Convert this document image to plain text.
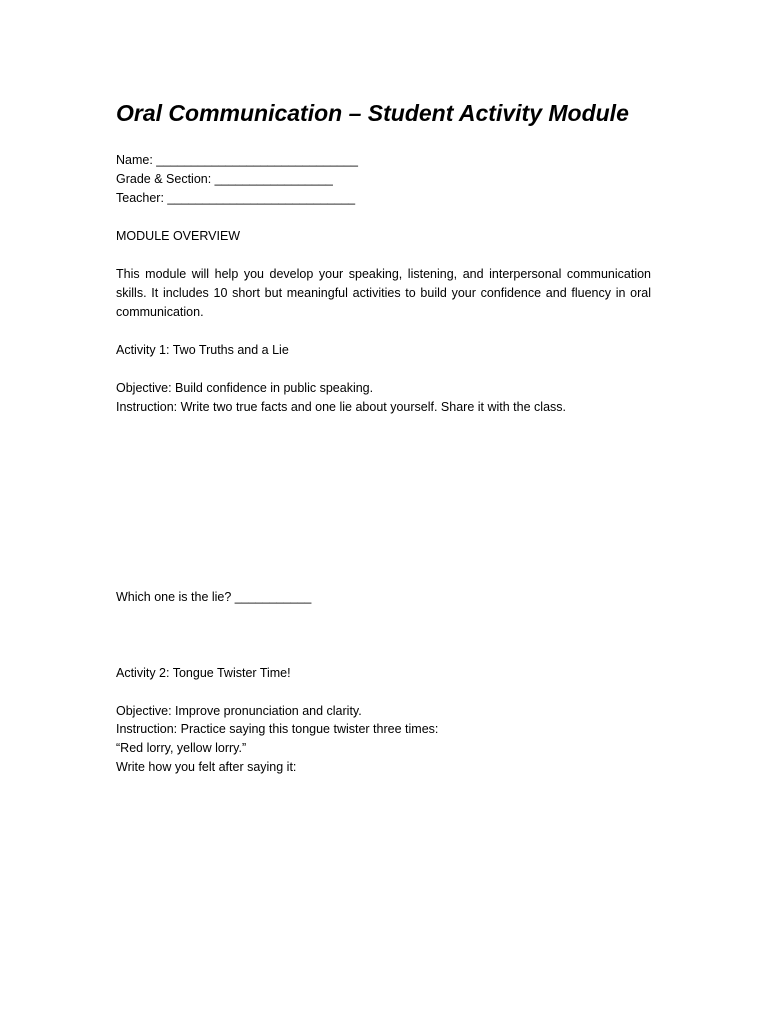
Oral Communication – Student Activity Module

Name: _____________________________

Grade & Section: _________________

Teacher: ___________________________

MODULE OVERVIEW

This module will help you develop your speaking, listening, and interpersonal communication skills. It includes 10 short but meaningful activities to build your confidence and fluency in oral communication.

Activity 1: Two Truths and a Lie

Objective: Build confidence in public speaking.

Instruction: Write two true facts and one lie about yourself. Share it with the class.

Which one is the lie? ___________

Activity 2: Tongue Twister Time!

Objective: Improve pronunciation and clarity.

Instruction: Practice saying this tongue twister three times:

“Red lorry, yellow lorry.”

Write how you felt after saying it:
